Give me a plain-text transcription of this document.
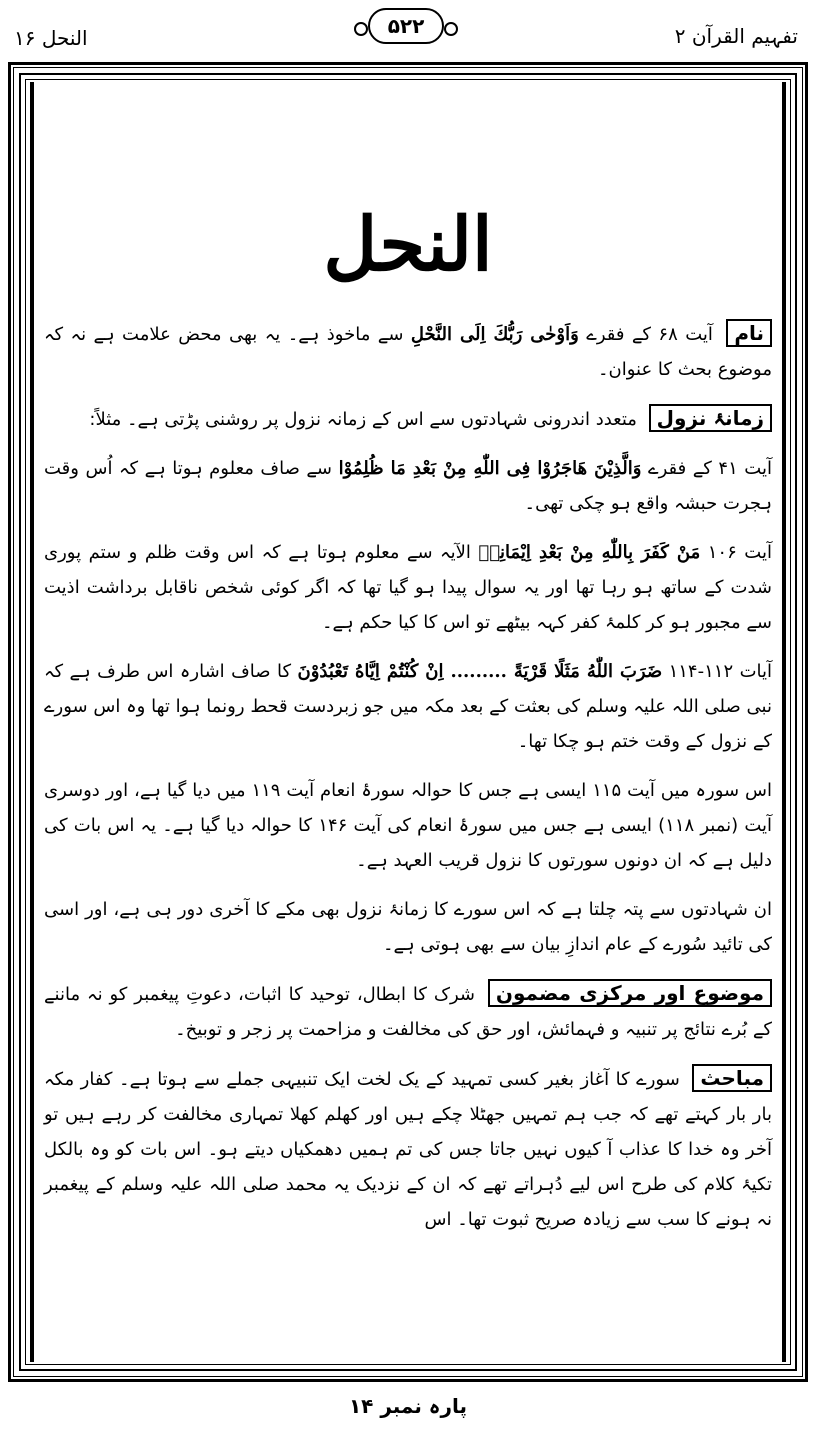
النحل ۱۶	۵۲۲	تفہیم القرآن ۲
النحل

نام آیت ۶۸ کے فقرے وَاَوْحٰی رَبُّكَ اِلَی النَّحْلِ سے ماخوذ ہے۔ یہ بھی محض علامت ہے نہ کہ موضوع بحث کا عنوان۔

زمانۂ نزول متعدد اندرونی شہادتوں سے اس کے زمانہ نزول پر روشنی پڑتی ہے۔ مثلاً:

آیت ۴۱ کے فقرے وَالَّذِیْنَ هَاجَرُوْا فِی اللّٰهِ مِنْ بَعْدِ مَا ظُلِمُوْا سے صاف معلوم ہوتا ہے کہ اُس وقت ہجرت حبشہ واقع ہو چکی تھی۔

آیت ۱۰۶ مَنْ كَفَرَ بِاللّٰهِ مِنْ بَعْدِ اِیْمَانِهٖ الآیہ سے معلوم ہوتا ہے کہ اس وقت ظلم و ستم پوری شدت کے ساتھ ہو رہا تھا اور یہ سوال پیدا ہو گیا تھا کہ اگر کوئی شخص ناقابل برداشت اذیت سے مجبور ہو کر کلمۂ کفر کہہ بیٹھے تو اس کا کیا حکم ہے۔

آیات ۱۱۲-۱۱۴ ضَرَبَ اللّٰهُ مَثَلًا قَرْیَةً ......... اِنْ كُنْتُمْ اِیَّاهُ تَعْبُدُوْنَ کا صاف اشارہ اس طرف ہے کہ نبی صلی اللہ علیہ وسلم کی بعثت کے بعد مکہ میں جو زبردست قحط رونما ہوا تھا وہ اس سورے کے نزول کے وقت ختم ہو چکا تھا۔

اس سورہ میں آیت ۱۱۵ ایسی ہے جس کا حوالہ سورۂ انعام آیت ۱۱۹ میں دیا گیا ہے، اور دوسری آیت (نمبر ۱۱۸) ایسی ہے جس میں سورۂ انعام کی آیت ۱۴۶ کا حوالہ دیا گیا ہے۔ یہ اس بات کی دلیل ہے کہ ان دونوں سورتوں کا نزول قریب العہد ہے۔

ان شہادتوں سے پتہ چلتا ہے کہ اس سورے کا زمانۂ نزول بھی مکے کا آخری دور ہی ہے، اور اسی کی تائید سُورے کے عام اندازِ بیان سے بھی ہوتی ہے۔

موضوع اور مرکزی مضمون شرک کا ابطال، توحید کا اثبات، دعوتِ پیغمبر کو نہ ماننے کے بُرے نتائج پر تنبیہ و فہمائش، اور حق کی مخالفت و مزاحمت پر زجر و توبیخ۔

مباحث سورے کا آغاز بغیر کسی تمہید کے یک لخت ایک تنبیہی جملے سے ہوتا ہے۔ کفار مکہ بار بار کہتے تھے کہ جب ہم تمہیں جھٹلا چکے ہیں اور کھلم کھلا تمہاری مخالفت کر رہے ہیں تو آخر وہ خدا کا عذاب آ کیوں نہیں جاتا جس کی تم ہمیں دھمکیاں دیتے ہو۔ اس بات کو وہ بالکل تکیۂ کلام کی طرح اس لیے دُہراتے تھے کہ ان کے نزدیک یہ محمد صلی اللہ علیہ وسلم کے پیغمبر نہ ہونے کا سب سے زیادہ صریح ثبوت تھا۔ اس

پارہ نمبر ۱۴
